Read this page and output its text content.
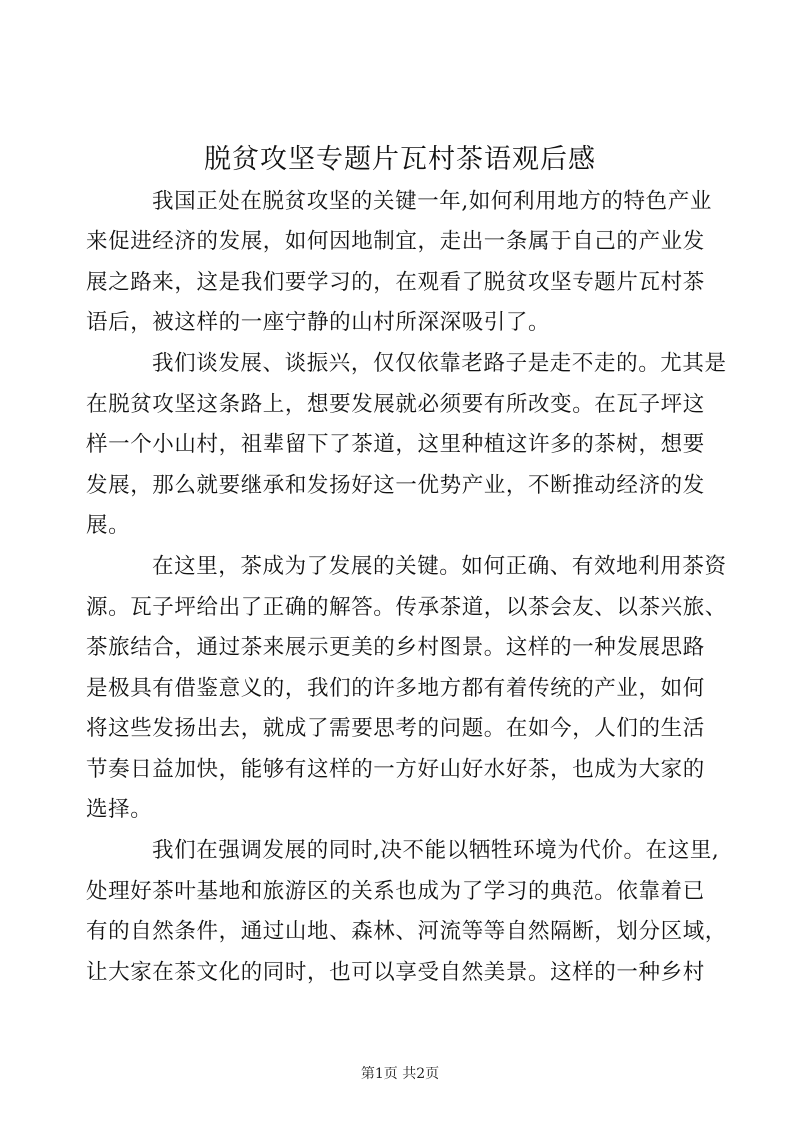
脱贫攻坚专题片瓦村茶语观后感
我国正处在脱贫攻坚的关键一年,如何利用地方的特色产业
来促进经济的发展，如何因地制宜，走出一条属于自己的产业发
展之路来，这是我们要学习的，在观看了脱贫攻坚专题片瓦村茶
语后，被这样的一座宁静的山村所深深吸引了。
我们谈发展、谈振兴，仅仅依靠老路子是走不走的。尤其是
在脱贫攻坚这条路上，想要发展就必须要有所改变。在瓦子坪这
样一个小山村，祖辈留下了茶道，这里种植这许多的茶树，想要
发展，那么就要继承和发扬好这一优势产业，不断推动经济的发
展。
在这里，茶成为了发展的关键。如何正确、有效地利用茶资
源。瓦子坪给出了正确的解答。传承茶道，以茶会友、以茶兴旅、
茶旅结合，通过茶来展示更美的乡村图景。这样的一种发展思路
是极具有借鉴意义的，我们的许多地方都有着传统的产业，如何
将这些发扬出去，就成了需要思考的问题。在如今，人们的生活
节奏日益加快，能够有这样的一方好山好水好茶，也成为大家的
选择。
我们在强调发展的同时,决不能以牺牲环境为代价。在这里,
处理好茶叶基地和旅游区的关系也成为了学习的典范。依靠着已
有的自然条件，通过山地、森林、河流等等自然隔断，划分区域，
让大家在茶文化的同时，也可以享受自然美景。这样的一种乡村
第1页 共2页
